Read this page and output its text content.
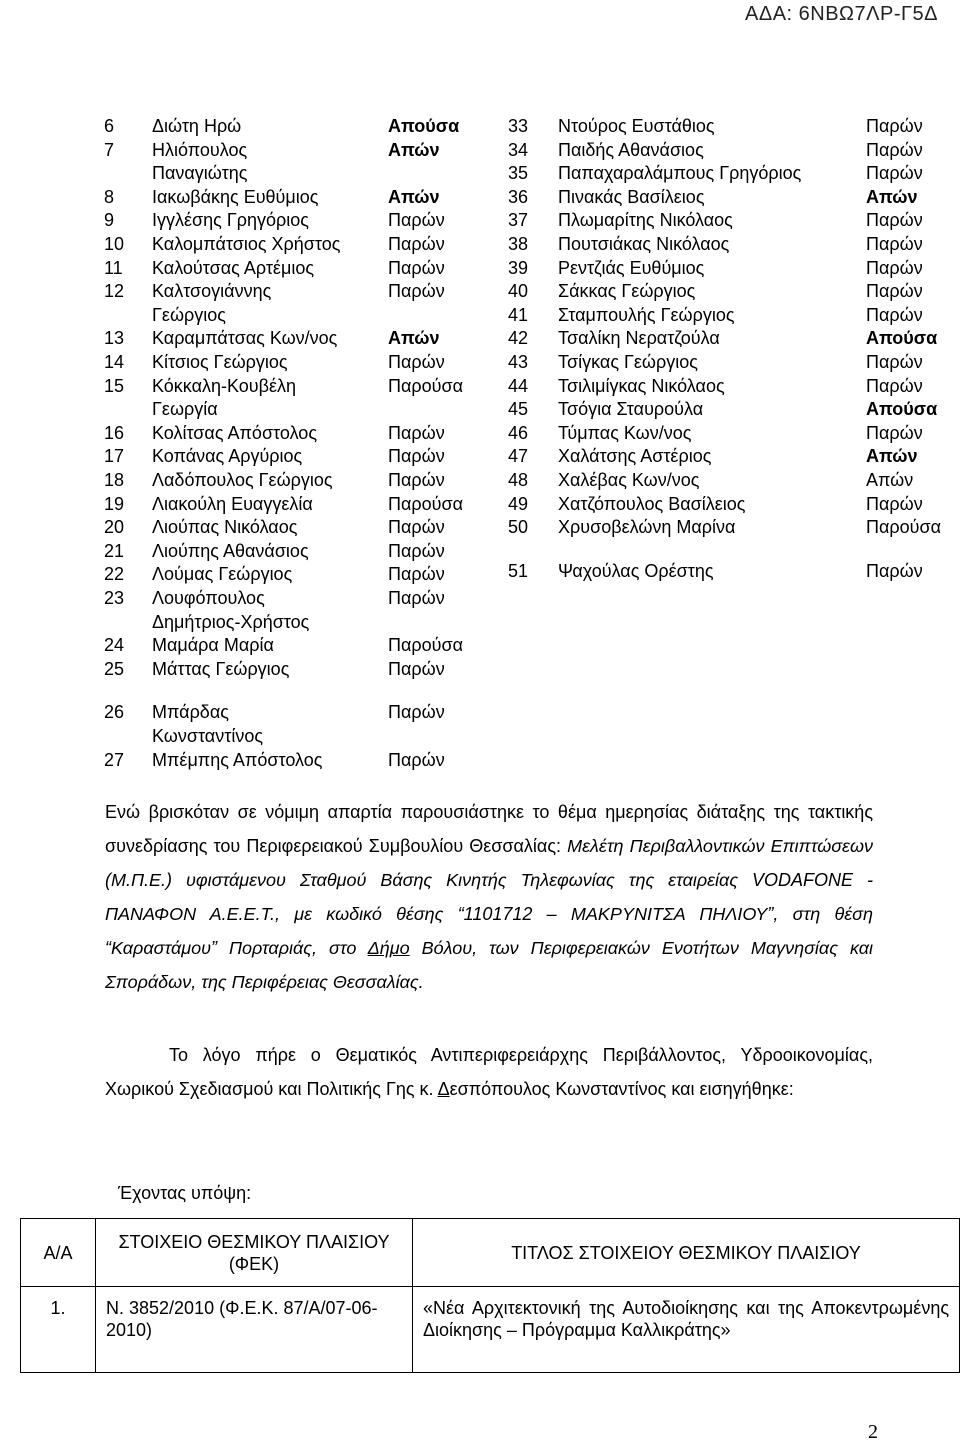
ΑΔΑ: 6ΝΒΩ7ΛΡ-Γ5Δ
6 Διώτη Ηρώ	Απούσα
7 Ηλιόπουλος	Απών
Παναγιώτης
8 Ιακωβάκης Ευθύμιος	Απών
9 Ιγγλέσης Γρηγόριος	Παρών
10 Καλομπάτσιος Χρήστος	Παρών
11 Καλούτσας Αρτέμιος	Παρών
12 Καλτσογιάννης	Παρών
Γεώργιος
13 Καραμπάτσας Κων/νος	Απών
14 Κίτσιος Γεώργιος	Παρών
15 Κόκκαλη-Κουβέλη	Παρούσα
Γεωργία
16 Κολίτσας Απόστολος	Παρών
17 Κοπάνας Αργύριος	Παρών
18 Λαδόπουλος Γεώργιος	Παρών
19 Λιακούλη Ευαγγελία	Παρούσα
20 Λιούπας Νικόλαος	Παρών
21 Λιούπης Αθανάσιος	Παρών
22 Λούμας Γεώργιος	Παρών
23 Λουφόπουλος	Παρών
Δημήτριος-Χρήστος
24 Μαμάρα Μαρία	Παρούσα
25 Μάττας Γεώργιος	Παρών
26 Μπάρδας	Παρών
Κωνσταντίνος
27 Μπέμπης Απόστολος	Παρών
33 Ντούρος Ευστάθιος	Παρών
34 Παιδής Αθανάσιος	Παρών
35 Παπαχαραλάμπους Γρηγόριος	Παρών
36 Πινακάς Βασίλειος	Απών
37 Πλωμαρίτης Νικόλαος	Παρών
38 Πουτσιάκας Νικόλαος	Παρών
39 Ρεντζιάς Ευθύμιος	Παρών
40 Σάκκας Γεώργιος	Παρών
41 Σταμπουλής Γεώργιος	Παρών
42 Τσαλίκη Νερατζούλα	Απούσα
43 Τσίγκας Γεώργιος	Παρών
44 Τσιλιμίγκας Νικόλαος	Παρών
45 Τσόγια Σταυρούλα	Απούσα
46 Τύμπας Κων/νος	Παρών
47 Χαλάτσης Αστέριος	Απών
48 Χαλέβας Κων/νος	Απών
49 Χατζόπουλος Βασίλειος	Παρών
50 Χρυσοβελώνη Μαρίνα	Παρούσα
51 Ψαχούλας Ορέστης	Παρών

Ενώ βρισκόταν σε νόμιμη απαρτία παρουσιάστηκε το θέμα ημερησίας διάταξης της τακτικής συνεδρίασης του Περιφερειακού Συμβουλίου Θεσσαλίας: Μελέτη Περιβαλλοντικών Επιπτώσεων (Μ.Π.Ε.) υφιστάμενου Σταθμού Βάσης Κινητής Τηλεφωνίας της εταιρείας VODAFONE - ΠΑΝΑΦΟΝ Α.Ε.Ε.Τ., με κωδικό θέσης “1101712 – ΜΑΚΡΥΝΙΤΣΑ ΠΗΛΙΟΥ”, στη θέση “Καραστάμου” Πορταριάς, στο Δήμο Βόλου, των Περιφερειακών Ενοτήτων Μαγνησίας και Σποράδων, της Περιφέρειας Θεσσαλίας.

Το λόγο πήρε ο Θεματικός Αντιπεριφερειάρχης Περιβάλλοντος, Υδροοικονομίας, Χωρικού Σχεδιασμού και Πολιτικής Γης κ. Δεσπόπουλος Κωνσταντίνος και εισηγήθηκε:

Έχοντας υπόψη:
Α/Α	ΣΤΟΙΧΕΙΟ ΘΕΣΜΙΚΟΥ ΠΛΑΙΣΙΟΥ (ΦΕΚ)	ΤΙΤΛΟΣ ΣΤΟΙΧΕΙΟΥ ΘΕΣΜΙΚΟΥ ΠΛΑΙΣΙΟΥ
1.	Ν. 3852/2010 (Φ.Ε.Κ. 87/Α/07-06-2010)	«Νέα Αρχιτεκτονική της Αυτοδιοίκησης και της Αποκεντρωμένης Διοίκησης – Πρόγραμμα Καλλικράτης»
2
